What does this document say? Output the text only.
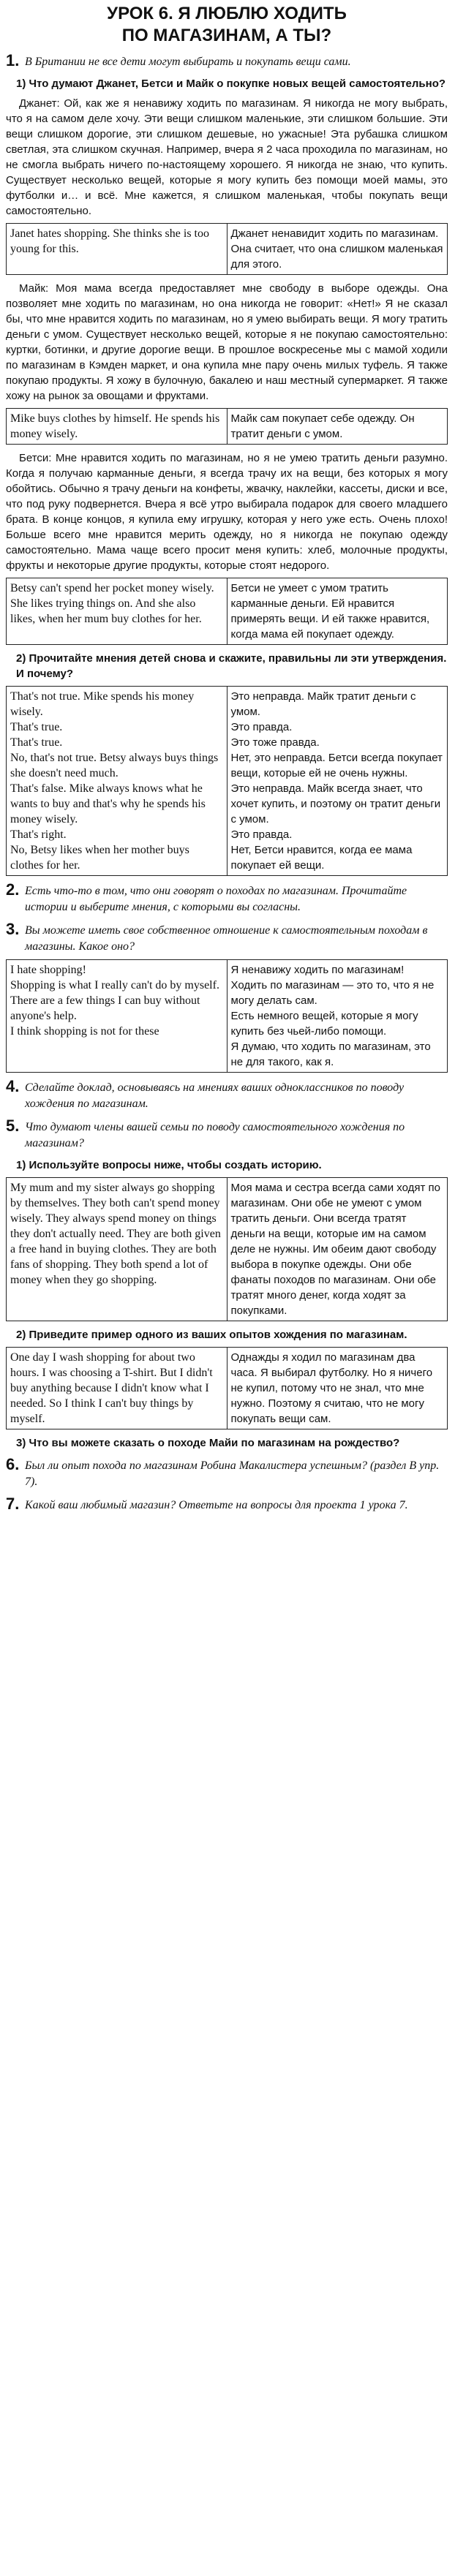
УРОК 6. Я ЛЮБЛЮ ХОДИТЬ
ПО МАГАЗИНАМ, А ТЫ?
1. В Британии не все дети могут выбирать и покупать вещи сами.
1) Что думают Джанет, Бетси и Майк о покупке новых вещей самостоятельно?

Джанет: Ой, как же я ненавижу ходить по магазинам. Я никогда не могу выбрать, что я на самом деле хочу. Эти вещи слишком маленькие, эти слишком большие. Эти вещи слишком дорогие, эти слишком дешевые, но ужасные! Эта рубашка слишком светлая, эта слишком скучная. Например, вчера я 2 часа проходила по магазинам, но не смогла выбрать ничего по-настоящему хорошего. Я никогда не знаю, что купить. Существует несколько вещей, которые я могу купить без помощи моей мамы, это футболки и… и всё. Мне кажется, я слишком маленькая, чтобы покупать вещи самостоятельно.

Janet hates shopping. She thinks she is too young for this.	Джанет ненавидит ходить по магазинам. Она считает, что она слишком маленькая для этого.

Майк: Моя мама всегда предоставляет мне свободу в выборе одежды. Она позволяет мне ходить по магазинам, но она никогда не говорит: «Нет!» Я не сказал бы, что мне нравится ходить по магазинам, но я умею выбирать вещи. Я могу тратить деньги с умом. Существует несколько вещей, которые я не покупаю самостоятельно: куртки, ботинки, и другие дорогие вещи. В прошлое воскресенье мы с мамой ходили по магазинам в Кэмден маркет, и она купила мне пару очень милых туфель. Я также покупаю продукты. Я хожу в булочную, бакалею и наш местный супермаркет. Я также хожу на рынок за овощами и фруктами.

Mike buys clothes by himself. He spends his money wisely.	Майк сам покупает себе одежду. Он тратит деньги с умом.

Бетси: Мне нравится ходить по магазинам, но я не умею тратить деньги разумно. Когда я получаю карманные деньги, я всегда трачу их на вещи, без которых я могу обойтись. Обычно я трачу деньги на конфеты, жвачку, наклейки, кассеты, диски и все, что под руку подвернется. Вчера я всё утро выбирала подарок для своего младшего брата. В конце концов, я купила ему игрушку, которая у него уже есть. Очень плохо! Больше всего мне нравится мерить одежду, но я никогда не покупаю одежду самостоятельно. Мама чаще всего просит меня купить: хлеб, молочные продукты, фрукты и некоторые другие продукты, которые стоят недорого.

Betsy can't spend her pocket money wisely. She likes trying things on. And she also likes, when her mum buy clothes for her.	Бетси не умеет с умом тратить карманные деньги. Ей нравится примерять вещи. И ей также нравится, когда мама ей покупает одежду.
2) Прочитайте мнения детей снова и скажите, правильны ли эти утверждения. И почему?
That's not true. Mike spends his money wisely.
That's true.
That's true.
No, that's not true. Betsy always buys things she doesn't need much.
That's false. Mike always knows what he wants to buy and that's why he spends his money wisely.
That's right.
No, Betsy likes when her mother buys clothes for her.

Это неправда. Майк тратит деньги с умом.
Это правда.
Это тоже правда.
Нет, это неправда. Бетси всегда покупает вещи, которые ей не очень нужны.
Это неправда. Майк всегда знает, что хочет купить, и поэтому он тратит деньги с умом.
Это правда.
Нет, Бетси нравится, когда ее мама покупает ей вещи.
2. Есть что-то в том, что они говорят о походах по магазинам. Прочитайте истории и выберите мнения, с которыми вы согласны.
3. Вы можете иметь свое собственное отношение к самостоятельным походам в магазины. Какое оно?
I hate shopping!
Shopping is what I really can't do by myself.
There are a few things I can buy without anyone's help.
I think shopping is not for these

Я ненавижу ходить по магазинам!
Ходить по магазинам — это то, что я не могу делать сам.
Есть немного вещей, которые я могу купить без чьей-либо помощи.
Я думаю, что ходить по магазинам, это не для такого, как я.
4. Сделайте доклад, основываясь на мнениях ваших одноклассников по поводу хождения по магазинам.
5. Что думают члены вашей семьи по поводу самостоятельного хождения по магазинам?
1) Используйте вопросы ниже, чтобы создать историю.
My mum and my sister always go shopping by themselves. They both can't spend money wisely. They always spend money on things they don't actually need. They are both given a free hand in buying clothes. They are both fans of shopping. They both spend a lot of money when they go shopping.	Моя мама и сестра всегда сами ходят по магазинам. Они обе не умеют с умом тратить деньги. Они всегда тратят деньги на вещи, которые им на самом деле не нужны. Им обеим дают свободу выбора в покупке одежды. Они обе фанаты походов по магазинам. Они обе тратят много денег, когда ходят за покупками.
2) Приведите пример одного из ваших опытов хождения по магазинам.
One day I wash shopping for about two hours. I was choosing a T-shirt. But I didn't buy anything because I didn't know what I needed. So I think I can't buy things by myself.	Однажды я ходил по магазинам два часа. Я выбирал футболку. Но я ничего не купил, потому что не знал, что мне нужно. Поэтому я считаю, что не могу покупать вещи сам.
3) Что вы можете сказать о походе Майи по магазинам на рождество?
6. Был ли опыт похода по магазинам Робина Макалистера успешным? (раздел В упр. 7).
7. Какой ваш любимый магазин? Ответьте на вопросы для проекта 1 урока 7.
